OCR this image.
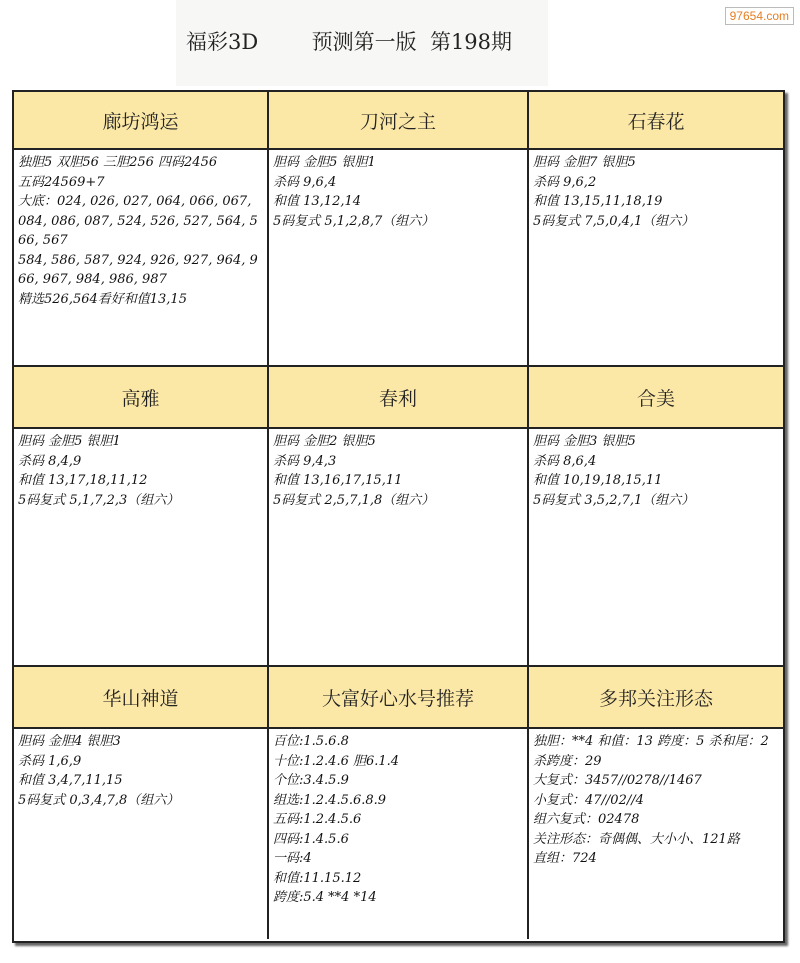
福彩3D        预测第一版  第198期
97654.com
廊坊鸿运	刀河之主	石春花
独胆5 双胆56 三胆256 四码2456
五码24569+7
大底：024, 026, 027, 064, 066, 067, 084, 086, 087, 524, 526, 527, 564, 566, 567
584, 586, 587, 924, 926, 927, 964, 966, 967, 984, 986, 987
精选526,564看好和值13,15
胆码 金胆5 银胆1
杀码 9,6,4
和值 13,12,14
5码复式 5,1,2,8,7（组六）
胆码 金胆7 银胆5
杀码 9,6,2
和值 13,15,11,18,19
5码复式 7,5,0,4,1（组六）
高雅	春利	合美
胆码 金胆5 银胆1
杀码 8,4,9
和值 13,17,18,11,12
5码复式 5,1,7,2,3（组六）
胆码 金胆2 银胆5
杀码 9,4,3
和值 13,16,17,15,11
5码复式 2,5,7,1,8（组六）
胆码 金胆3 银胆5
杀码 8,6,4
和值 10,19,18,15,11
5码复式 3,5,2,7,1（组六）
华山神道	大富好心水号推荐	多邦关注形态
胆码 金胆4 银胆3
杀码 1,6,9
和值 3,4,7,11,15
5码复式 0,3,4,7,8（组六）
百位:1.5.6.8
十位:1.2.4.6 胆6.1.4
个位:3.4.5.9
组选:1.2.4.5.6.8.9
五码:1.2.4.5.6
四码:1.4.5.6
一码:4
和值:11.15.12
跨度:5.4 **4 *14
独胆：**4 和值：13 跨度：5 杀和尾：2 杀跨度：29
大复式：3457//0278//1467
小复式：47//02//4
组六复式：02478
关注形态：奇偶偶、大小小、121路
直组：724
